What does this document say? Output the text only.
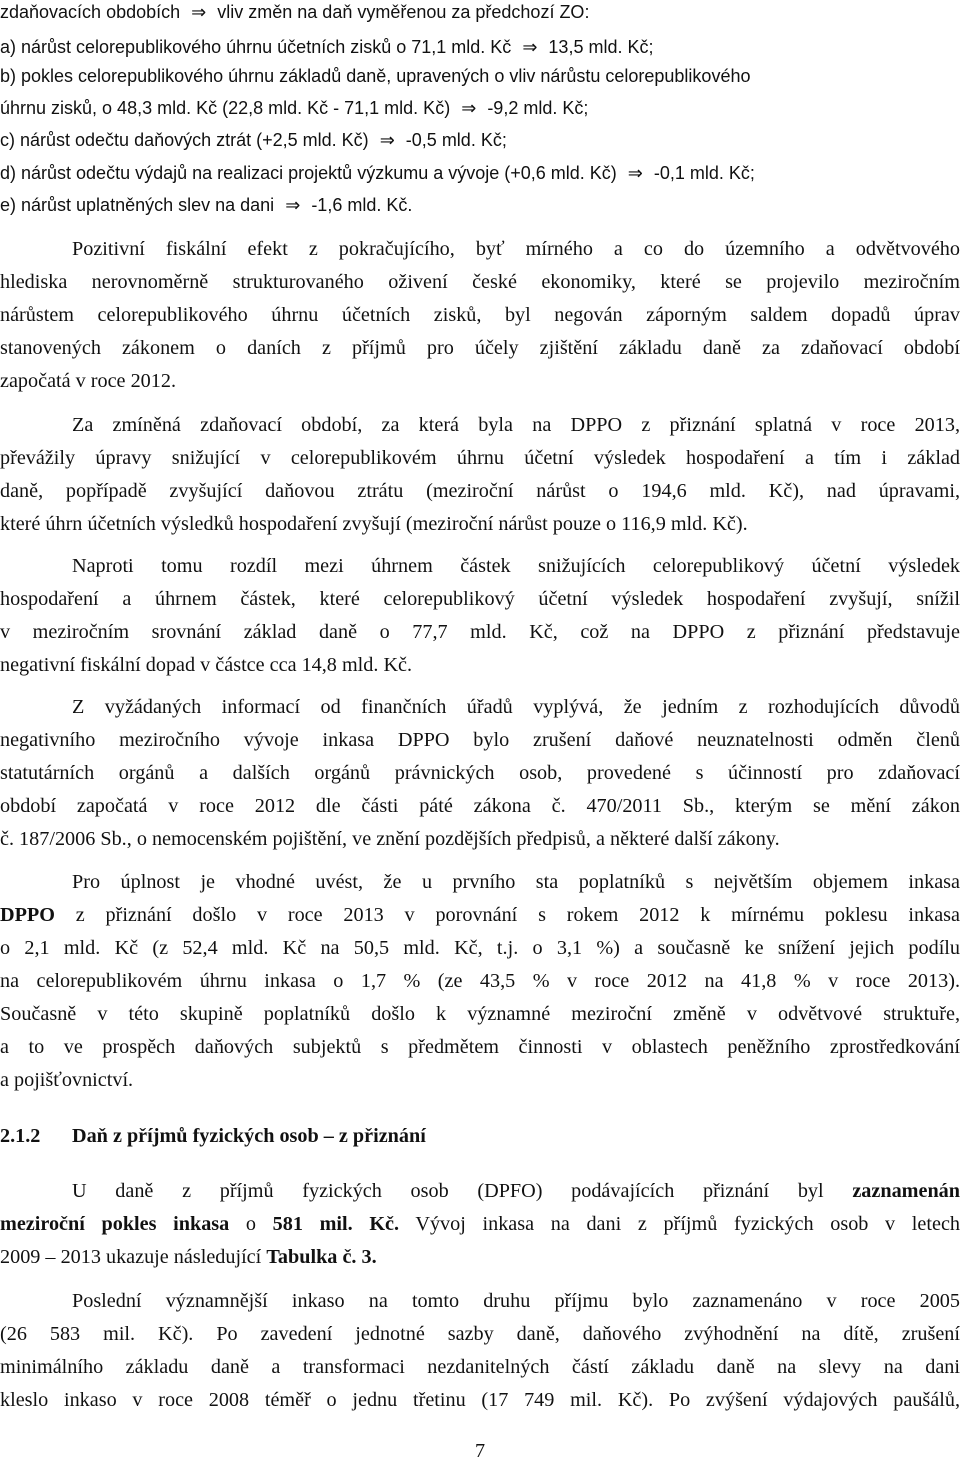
zdaňovacích obdobích ⇒ vliv změn na daň vyměřenou za předchozí ZO:
a) nárůst celorepublikového úhrnu účetních zisků o 71,1 mld. Kč ⇒ 13,5 mld. Kč;
b) pokles celorepublikového úhrnu základů daně, upravených o vliv nárůstu celorepublikového
úhrnu zisků, o 48,3 mld. Kč (22,8 mld. Kč - 71,1 mld. Kč) ⇒ -9,2 mld. Kč;
c) nárůst odečtu daňových ztrát (+2,5 mld. Kč) ⇒ -0,5 mld. Kč;
d) nárůst odečtu výdajů na realizaci projektů výzkumu a vývoje (+0,6 mld. Kč) ⇒ -0,1 mld. Kč;
e) nárůst uplatněných slev na dani ⇒ -1,6 mld. Kč.
Pozitivní fiskální efekt z pokračujícího, byť mírného a co do územního a odvětvového
hlediska nerovnoměrně strukturovaného oživení české ekonomiky, které se projevilo meziročním
nárůstem celorepublikového úhrnu účetních zisků, byl negován záporným saldem dopadů úprav
stanovených zákonem o daních z příjmů pro účely zjištění základu daně za zdaňovací období
započatá v roce 2012.
Za zmíněná zdaňovací období, za která byla na DPPO z přiznání splatná v roce 2013,
převážily úpravy snižující v celorepublikovém úhrnu účetní výsledek hospodaření a tím i základ
daně, popřípadě zvyšující daňovou ztrátu (meziroční nárůst o 194,6 mld. Kč), nad úpravami,
které úhrn účetních výsledků hospodaření zvyšují (meziroční nárůst pouze o 116,9 mld. Kč).
Naproti tomu rozdíl mezi úhrnem částek snižujících celorepublikový účetní výsledek
hospodaření a úhrnem částek, které celorepublikový účetní výsledek hospodaření zvyšují, snížil
v meziročním srovnání základ daně o 77,7 mld. Kč, což na DPPO z přiznání představuje
negativní fiskální dopad v částce cca 14,8 mld. Kč.
Z vyžádaných informací od finančních úřadů vyplývá, že jedním z rozhodujících důvodů
negativního meziročního vývoje inkasa DPPO bylo zrušení daňové neuznatelnosti odměn členů
statutárních orgánů a dalších orgánů právnických osob, provedené s účinností pro zdaňovací
období započatá v roce 2012 dle části páté zákona č. 470/2011 Sb., kterým se mění zákon
č. 187/2006 Sb., o nemocenském pojištění, ve znění pozdějších předpisů, a některé další zákony.
Pro úplnost je vhodné uvést, že u prvního sta poplatníků s největším objemem inkasa
DPPO z přiznání došlo v roce 2013 v porovnání s rokem 2012 k mírnému poklesu inkasa
o 2,1 mld. Kč (z 52,4 mld. Kč na 50,5 mld. Kč, t.j. o 3,1 %) a současně ke snížení jejich podílu
na celorepublikovém úhrnu inkasa o 1,7 % (ze 43,5 % v roce 2012 na 41,8 % v roce 2013).
Současně v této skupině poplatníků došlo k významné meziroční změně v odvětvové struktuře,
a to ve prospěch daňových subjektů s předmětem činnosti v oblastech peněžního zprostředkování
a pojišťovnictví.
2.1.2 Daň z příjmů fyzických osob – z přiznání
U daně z příjmů fyzických osob (DPFO) podávajících přiznání byl zaznamenán
meziroční pokles inkasa o 581 mil. Kč. Vývoj inkasa na dani z příjmů fyzických osob v letech
2009 – 2013 ukazuje následující Tabulka č. 3.
Poslední významnější inkaso na tomto druhu příjmu bylo zaznamenáno v roce 2005
(26 583 mil. Kč). Po zavedení jednotné sazby daně, daňového zvýhodnění na dítě, zrušení
minimálního základu daně a transformaci nezdanitelných částí základu daně na slevy na dani
kleslo inkaso v roce 2008 téměř o jednu třetinu (17 749 mil. Kč). Po zvýšení výdajových paušálů,
7
